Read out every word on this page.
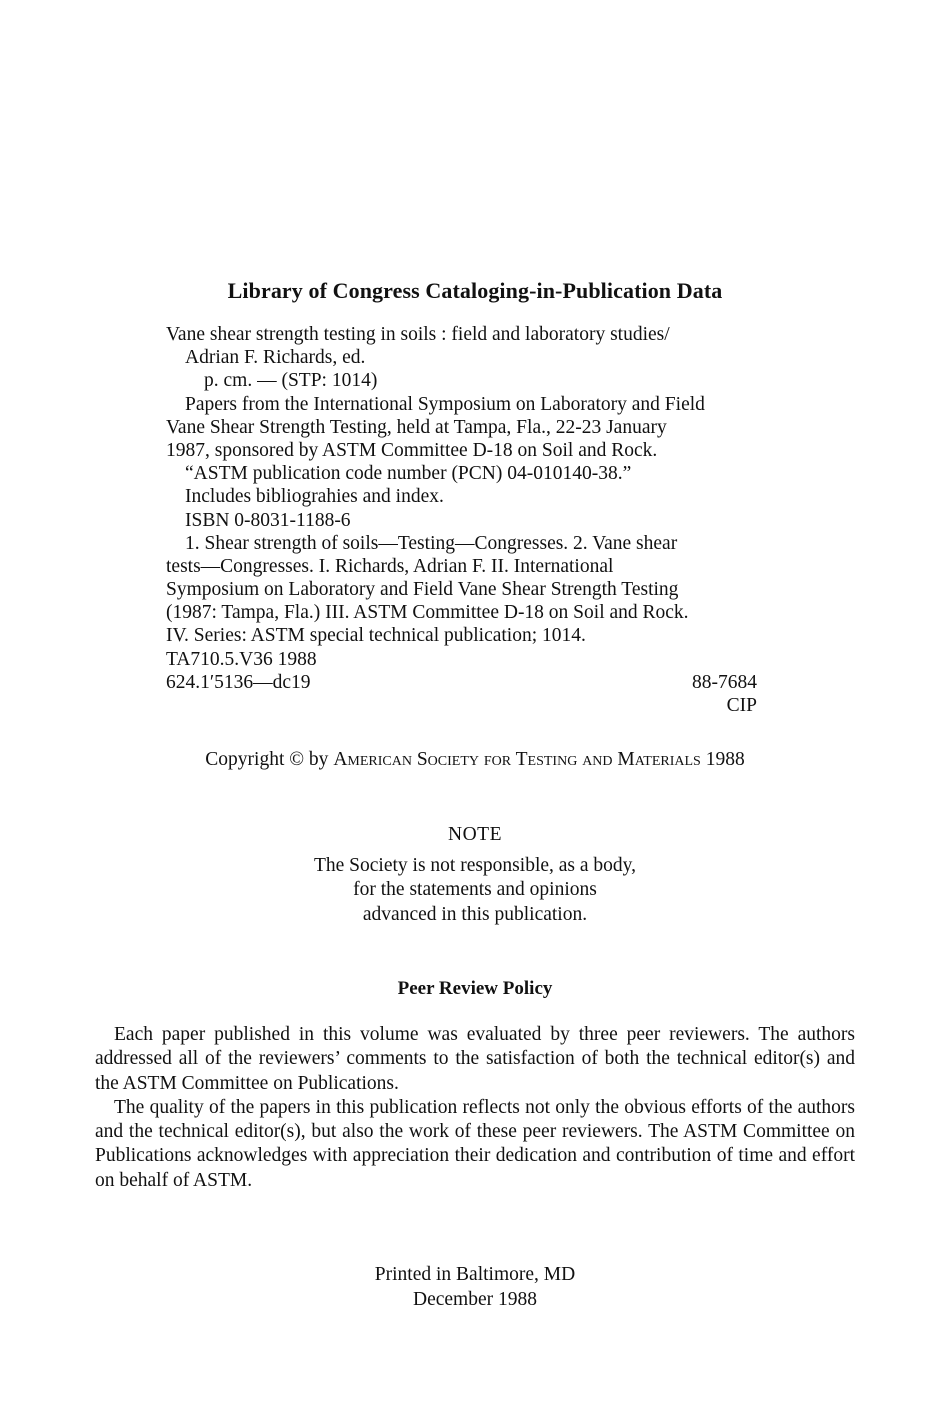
Library of Congress Cataloging-in-Publication Data
Vane shear strength testing in soils : field and laboratory studies/
Adrian F. Richards, ed.
p. cm. — (STP: 1014)
Papers from the International Symposium on Laboratory and Field
Vane Shear Strength Testing, held at Tampa, Fla., 22-23 January
1987, sponsored by ASTM Committee D-18 on Soil and Rock.
“ASTM publication code number (PCN) 04-010140-38.”
Includes bibliograhies and index.
ISBN 0-8031-1188-6
1. Shear strength of soils—Testing—Congresses. 2. Vane shear
tests—Congresses. I. Richards, Adrian F. II. International
Symposium on Laboratory and Field Vane Shear Strength Testing
(1987: Tampa, Fla.) III. ASTM Committee D-18 on Soil and Rock.
IV. Series: ASTM special technical publication; 1014.
TA710.5.V36 1988
624.1′5136—dc19	88-7684
CIP
Copyright © by American Society for Testing and Materials 1988
NOTE
The Society is not responsible, as a body,
for the statements and opinions
advanced in this publication.
Peer Review Policy

Each paper published in this volume was evaluated by three peer reviewers. The authors addressed all of the reviewers’ comments to the satisfaction of both the technical editor(s) and the ASTM Committee on Publications.

The quality of the papers in this publication reflects not only the obvious efforts of the authors and the technical editor(s), but also the work of these peer reviewers. The ASTM Committee on Publications acknowledges with appreciation their dedication and contribution of time and effort on behalf of ASTM.

Printed in Baltimore, MD
December 1988
